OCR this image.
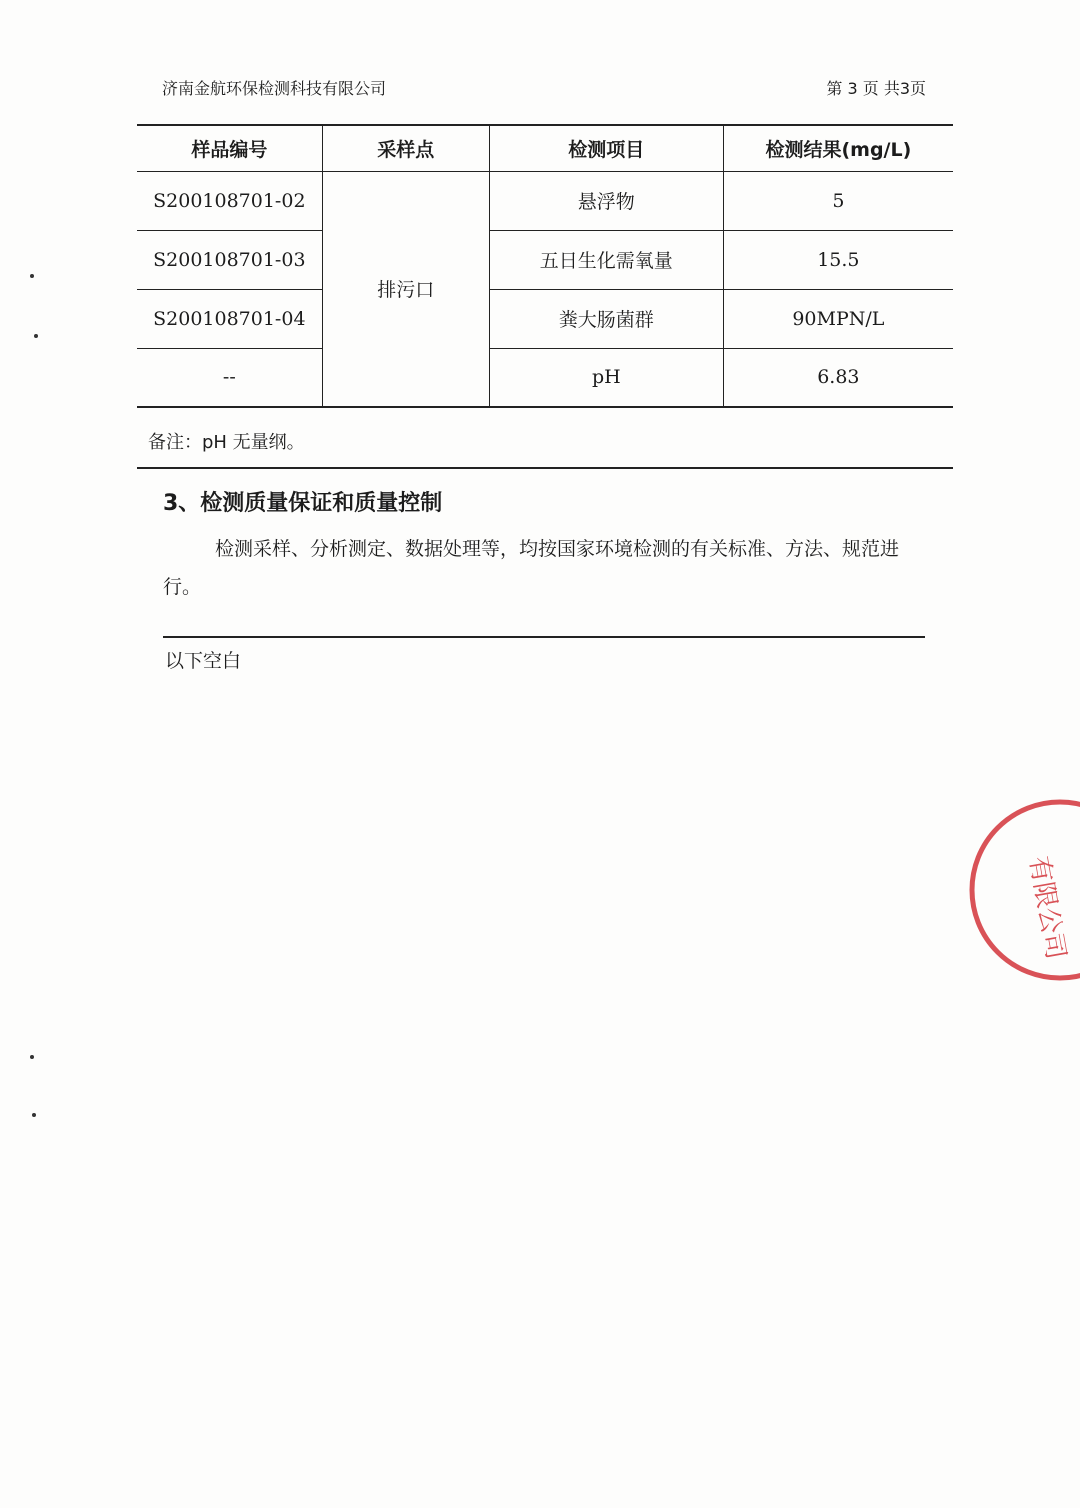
济南金航环保检测科技有限公司	第 3 页 共3页
样品编号	采样点	检测项目	检测结果(mg/L)
S200108701-02	排污口	悬浮物	5
S200108701-03		五日生化需氧量	15.5
S200108701-04		粪大肠菌群	90MPN/L
--		pH	6.83
备注：pH 无量纲。
3、检测质量保证和质量控制
检测采样、分析测定、数据处理等，均按国家环境检测的有关标准、方法、规范进行。
以下空白
有限公司
